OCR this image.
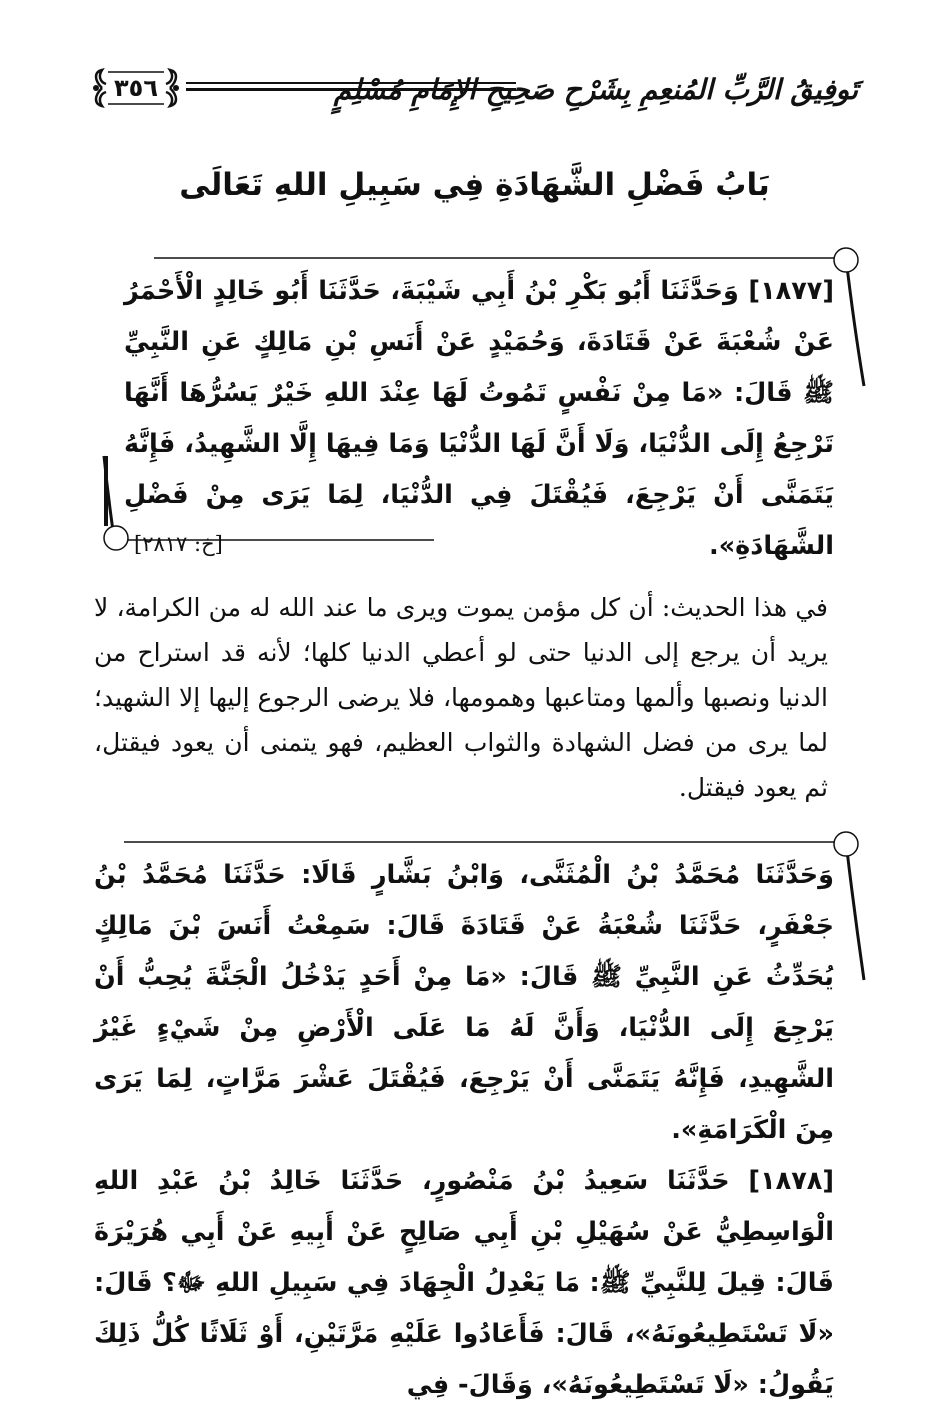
تَوفِيقُ الرَّبِّ المُنعِمِ بِشَرْحِ صَحِيحِ الإِمَامِ مُسْلِمٍ
٣٥٦
بَابُ فَضْلِ الشَّهَادَةِ فِي سَبِيلِ اللهِ تَعَالَى

[١٨٧٧] وَحَدَّثَنَا أَبُو بَكْرِ بْنُ أَبِي شَيْبَةَ، حَدَّثَنَا أَبُو خَالِدٍ الْأَحْمَرُ عَنْ شُعْبَةَ عَنْ قَتَادَةَ، وَحُمَيْدٍ عَنْ أَنَسِ بْنِ مَالِكٍ عَنِ النَّبِيِّ ﷺ قَالَ: «مَا مِنْ نَفْسٍ تَمُوتُ لَهَا عِنْدَ اللهِ خَيْرٌ يَسُرُّهَا أَنَّهَا تَرْجِعُ إِلَى الدُّنْيَا، وَلَا أَنَّ لَهَا الدُّنْيَا وَمَا فِيهَا إِلَّا الشَّهِيدُ، فَإِنَّهُ يَتَمَنَّى أَنْ يَرْجِعَ، فَيُقْتَلَ فِي الدُّنْيَا، لِمَا يَرَى مِنْ فَضْلِ الشَّهَادَةِ».

[خ: ٢٨١٧]

في هذا الحديث: أن كل مؤمن يموت ويرى ما عند الله له من الكرامة، لا يريد أن يرجع إلى الدنيا حتى لو أعطي الدنيا كلها؛ لأنه قد استراح من الدنيا ونصبها وألمها ومتاعبها وهمومها، فلا يرضى الرجوع إليها إلا الشهيد؛ لما يرى من فضل الشهادة والثواب العظيم، فهو يتمنى أن يعود فيقتل، ثم يعود فيقتل.

وَحَدَّثَنَا مُحَمَّدُ بْنُ الْمُثَنَّى، وَابْنُ بَشَّارٍ قَالَا: حَدَّثَنَا مُحَمَّدُ بْنُ جَعْفَرٍ، حَدَّثَنَا شُعْبَةُ عَنْ قَتَادَةَ قَالَ: سَمِعْتُ أَنَسَ بْنَ مَالِكٍ يُحَدِّثُ عَنِ النَّبِيِّ ﷺ قَالَ: «مَا مِنْ أَحَدٍ يَدْخُلُ الْجَنَّةَ يُحِبُّ أَنْ يَرْجِعَ إِلَى الدُّنْيَا، وَأَنَّ لَهُ مَا عَلَى الْأَرْضِ مِنْ شَيْءٍ غَيْرُ الشَّهِيدِ، فَإِنَّهُ يَتَمَنَّى أَنْ يَرْجِعَ، فَيُقْتَلَ عَشْرَ مَرَّاتٍ، لِمَا يَرَى مِنَ الْكَرَامَةِ».

[١٨٧٨] حَدَّثَنَا سَعِيدُ بْنُ مَنْصُورٍ، حَدَّثَنَا خَالِدُ بْنُ عَبْدِ اللهِ الْوَاسِطِيُّ عَنْ سُهَيْلِ بْنِ أَبِي صَالِحٍ عَنْ أَبِيهِ عَنْ أَبِي هُرَيْرَةَ قَالَ: قِيلَ لِلنَّبِيِّ ﷺ: مَا يَعْدِلُ الْجِهَادَ فِي سَبِيلِ اللهِ ﷻ؟ قَالَ: «لَا تَسْتَطِيعُونَهُ»، قَالَ: فَأَعَادُوا عَلَيْهِ مَرَّتَيْنِ، أَوْ ثَلَاثًا كُلُّ ذَلِكَ يَقُولُ: «لَا تَسْتَطِيعُونَهُ»، وَقَالَ- فِي
